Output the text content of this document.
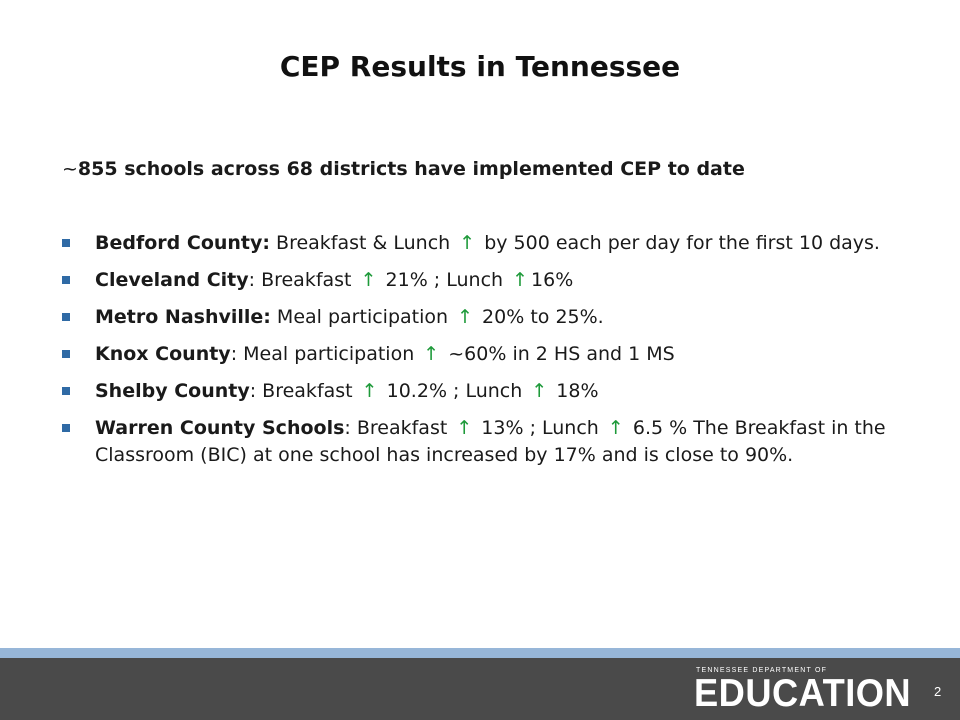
CEP Results in Tennessee
~855 schools across 68 districts have implemented CEP to date
Bedford County: Breakfast & Lunch ↑ by 500 each per day for the first 10 days.
Cleveland City: Breakfast ↑ 21% ; Lunch ↑ 16%
Metro Nashville: Meal participation ↑ 20% to 25%.
Knox County: Meal participation ↑ ~60% in 2 HS and 1 MS
Shelby County: Breakfast ↑ 10.2% ; Lunch ↑ 18%
Warren County Schools: Breakfast ↑ 13% ; Lunch ↑ 6.5 % The Breakfast in the Classroom (BIC) at one school has increased by 17% and is close to 90%.
TENNESSEE DEPARTMENT OF
EDUCATION 2
